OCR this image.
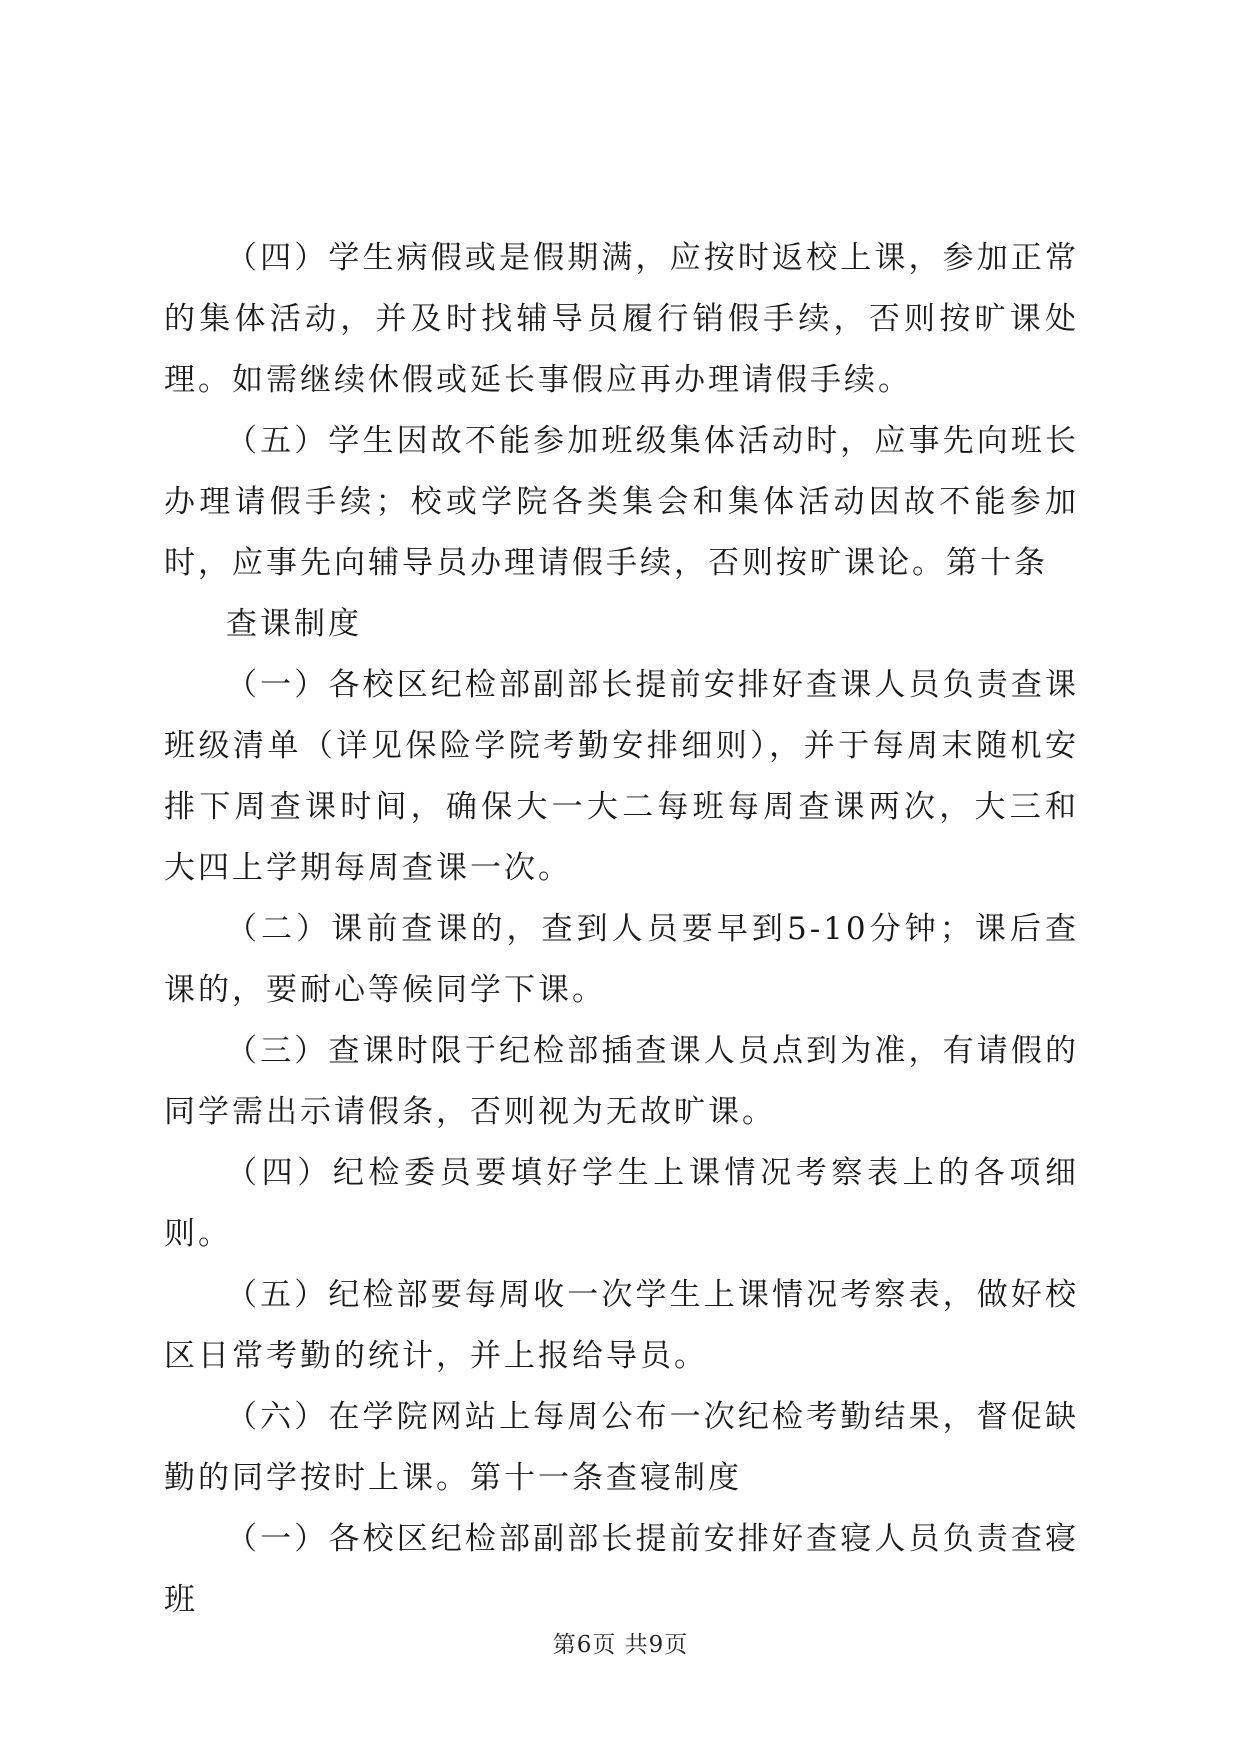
（四）学生病假或是假期满，应按时返校上课，参加正常的集体活动，并及时找辅导员履行销假手续，否则按旷课处理。如需继续休假或延长事假应再办理请假手续。

（五）学生因故不能参加班级集体活动时，应事先向班长办理请假手续；校或学院各类集会和集体活动因故不能参加时，应事先向辅导员办理请假手续，否则按旷课论。第十条

查课制度

（一）各校区纪检部副部长提前安排好查课人员负责查课班级清单（详见保险学院考勤安排细则），并于每周末随机安排下周查课时间，确保大一大二每班每周查课两次，大三和大四上学期每周查课一次。

（二）课前查课的，查到人员要早到5-10分钟；课后查课的，要耐心等候同学下课。

（三）查课时限于纪检部插查课人员点到为准，有请假的同学需出示请假条，否则视为无故旷课。

（四）纪检委员要填好学生上课情况考察表上的各项细则。

（五）纪检部要每周收一次学生上课情况考察表，做好校区日常考勤的统计，并上报给导员。

（六）在学院网站上每周公布一次纪检考勤结果，督促缺勤的同学按时上课。第十一条查寝制度

（一）各校区纪检部副部长提前安排好查寝人员负责查寝班

第6页 共9页
